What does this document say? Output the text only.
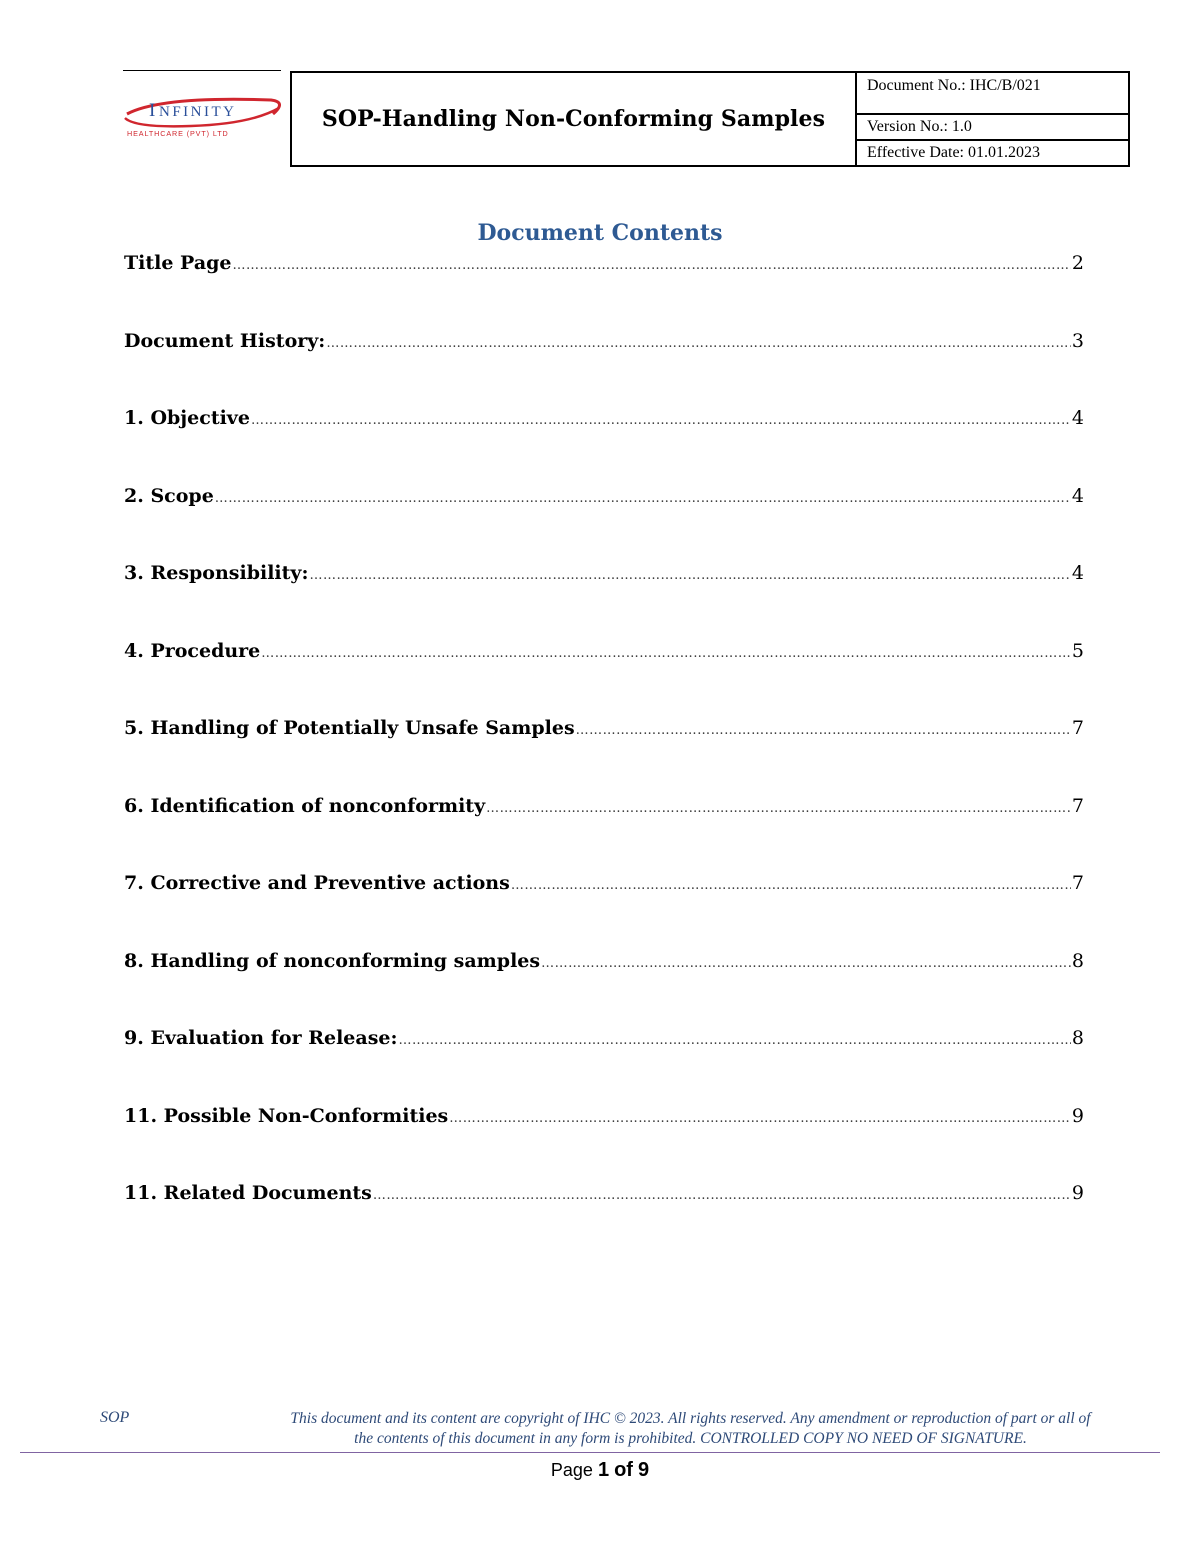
I NFINITY
HEALTHCARE (PVT) LTD
SOP-Handling Non-Conforming Samples
Document No.: IHC/B/021
Version No.: 1.0
Effective Date: 01.01.2023
Document Contents
Title Page ……………………………………………………………………………………………………………………………………………………………………………………………………………………………………………	2
Document History: ……………………………………………………………………………………………………………………………………………………………………………………………………………………………………………	3
1. Objective ……………………………………………………………………………………………………………………………………………………………………………………………………………………………………………	4
2. Scope ……………………………………………………………………………………………………………………………………………………………………………………………………………………………………………	4
3. Responsibility: ……………………………………………………………………………………………………………………………………………………………………………………………………………………………………………	4
4. Procedure ……………………………………………………………………………………………………………………………………………………………………………………………………………………………………………	5
5. Handling of Potentially Unsafe Samples ……………………………………………………………………………………………………………………………………………………………………………………………………………………………………………	7
6. Identification of nonconformity ……………………………………………………………………………………………………………………………………………………………………………………………………………………………………………	7
7. Corrective and Preventive actions ……………………………………………………………………………………………………………………………………………………………………………………………………………………………………………	7
8. Handling of nonconforming samples ……………………………………………………………………………………………………………………………………………………………………………………………………………………………………………	8
9. Evaluation for Release: ……………………………………………………………………………………………………………………………………………………………………………………………………………………………………………	8
11. Possible Non-Conformities ……………………………………………………………………………………………………………………………………………………………………………………………………………………………………………	9
11. Related Documents ……………………………………………………………………………………………………………………………………………………………………………………………………………………………………………	9
SOP	This document and its content are copyright of IHC © 2023. All rights reserved. Any amendment or reproduction of part or all of
the contents of this document in any form is prohibited. CONTROLLED COPY NO NEED OF SIGNATURE.
Page 1 of 9
